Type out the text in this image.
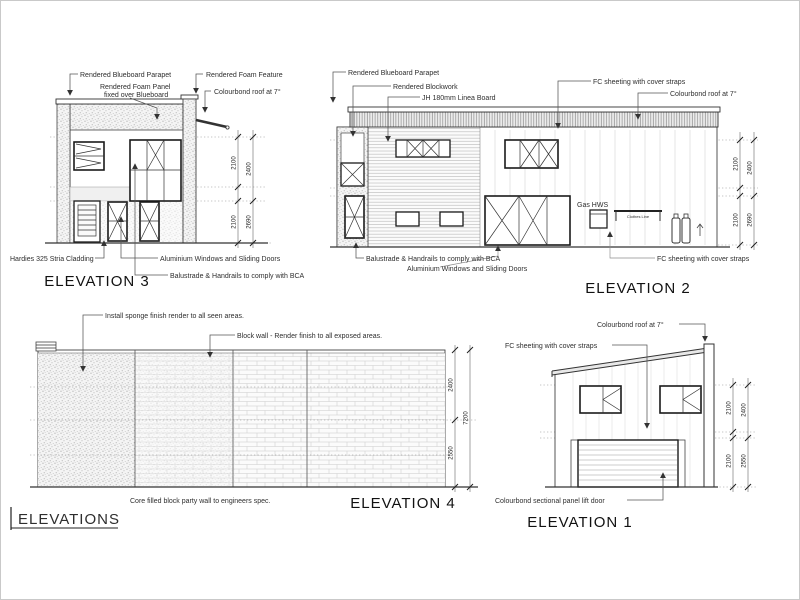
2100 2400
2100 2690
Rendered Blueboard Parapet
Rendered Foam Panel
fixed over Blueboard
Rendered Foam Feature
Colourbond roof at 7°
Hardies 325 Stria Cladding	Aluminium Windows and Sliding Doors
Balustrade & Handrails to comply with BCA
ELEVATION 3
2100 2400
2100 2690
Rendered Blueboard Parapet
Rendered Blockwork
JH 180mm Linea Board
FC sheeting with cover straps
Colourbond roof at 7°
Gas HWS
Clothes Line
Balustrade & Handrails to comply with BCA
Aluminium Windows and Sliding Doors
FC sheeting with cover straps
ELEVATION 2
2400
2550
7200
Install sponge finish render to all seen areas.
Block wall - Render finish to all exposed areas.
Core filled block party wall to engineers spec.	ELEVATION 4
2100 2400
2100 2550
Colourbond roof at 7°
FC sheeting with cover straps
Colourbond sectional panel lift door
ELEVATION 1
ELEVATIONS
